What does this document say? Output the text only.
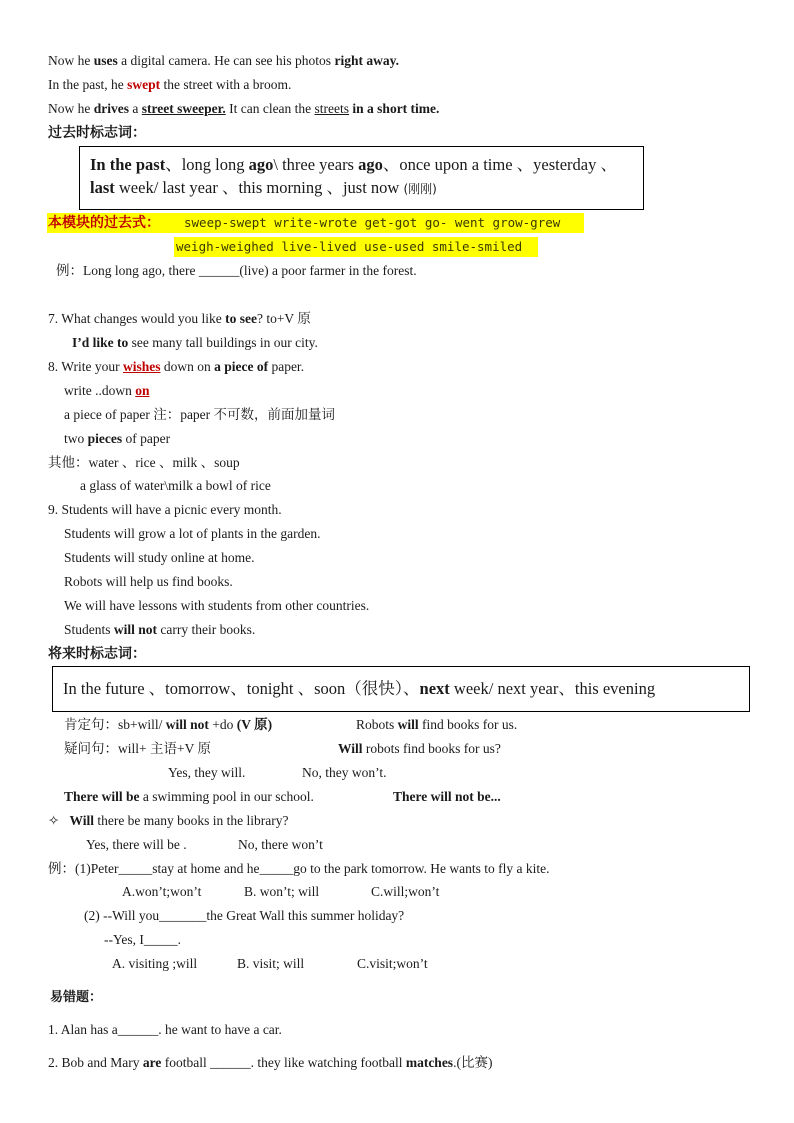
Now he uses a digital camera. He can see his photos right away.
In the past, he swept the street with a broom.
Now he drives a street sweeper. It can clean the streets in a short time.
过去时标志词：
In the past、long long ago\ three years ago、once upon a time 、yesterday 、
last week/ last year 、this morning 、just now (刚刚)
本模块的过去式： sweep-swept write-wrote get-got go- went grow-grew
weigh-weighed live-lived use-used smile-smiled
例：Long long ago, there ______(live) a poor farmer in the forest.
7. What changes would you like to see? to+V 原
I’d like to see many tall buildings in our city.
8. Write your wishes down on a piece of paper.
write ..down on
a piece of paper 注：paper 不可数，前面加量词
two pieces of paper
其他：water 、rice 、milk 、soup
a glass of water\milk a bowl of rice
9. Students will have a picnic every month.
Students will grow a lot of plants in the garden.
Students will study online at home.
Robots will help us find books.
We will have lessons with students from other countries.
Students will not carry their books.
将来时标志词：
In the future 、tomorrow、tonight 、soon（很快）、next week/ next year、this evening
肯定句：sb+will/ will not +do (V 原)	Robots will find books for us.
疑问句：will+ 主语+V 原	Will robots find books for us?
Yes, they will.	No, they won’t.
There will be a swimming pool in our school.	There will not be...
✧ Will there be many books in the library?
Yes, there will be .	No, there won’t
例：(1)Peter_____stay at home and he_____go to the park tomorrow. He wants to fly a kite.
A.won’t;won’t	B. won’t; will	C.will;won’t
(2) --Will you_______the Great Wall this summer holiday?
--Yes, I_____.
A. visiting ;will	B. visit; will	C.visit;won’t
易错题：
1. Alan has a______. he want to have a car.
2. Bob and Mary are football ______. they like watching football matches.(比赛)
